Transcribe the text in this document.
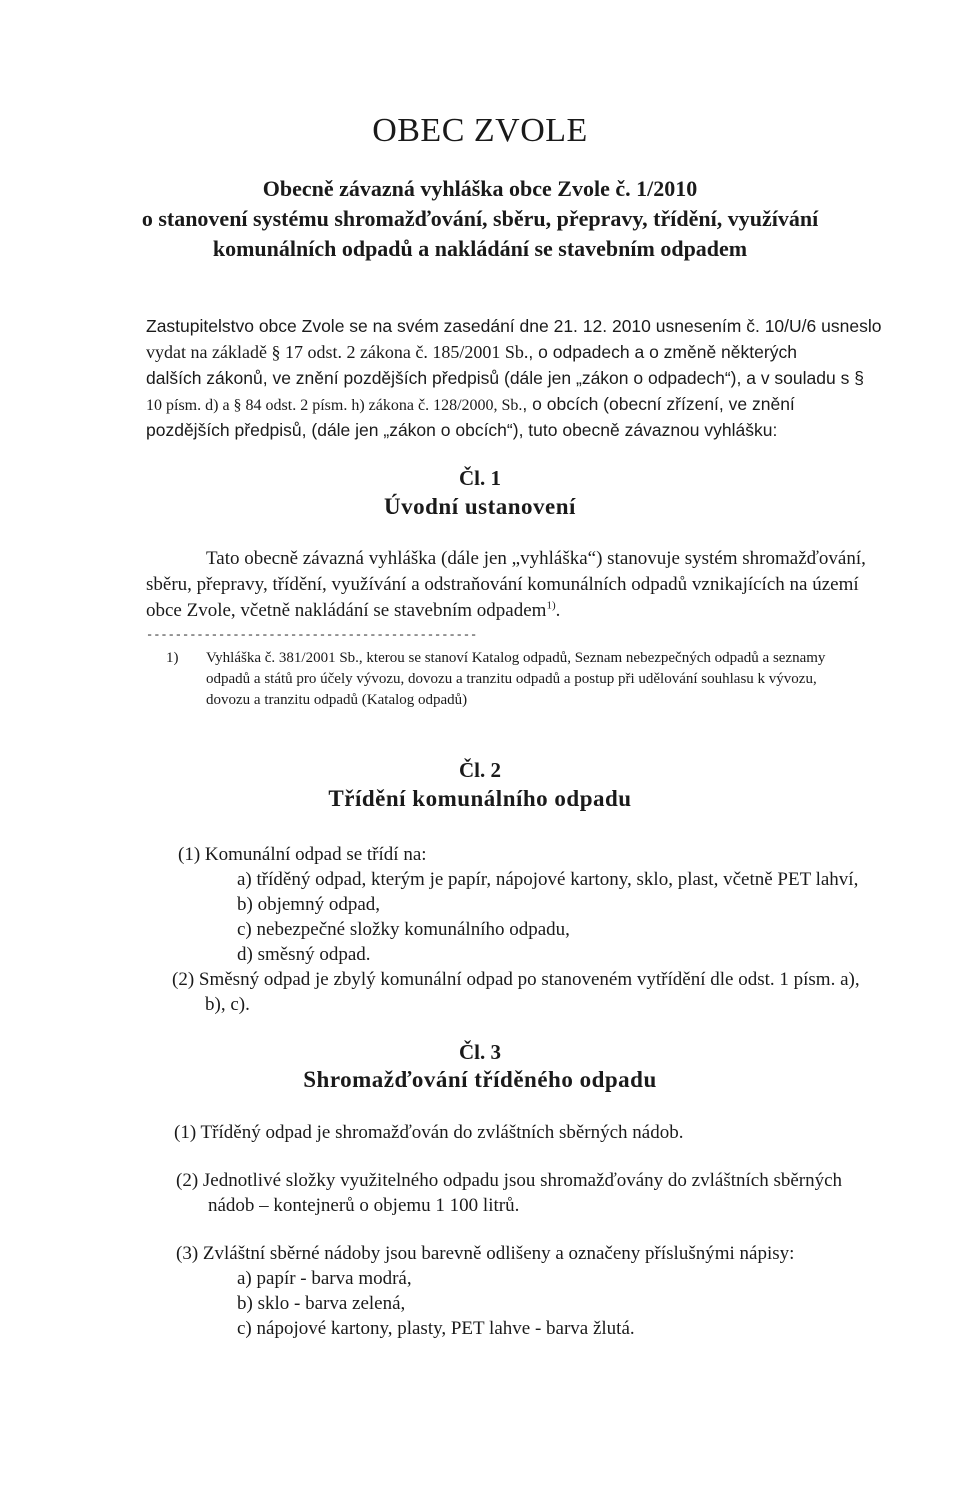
OBEC ZVOLE
Obecně závazná vyhláška obce Zvole č. 1/2010
o stanovení systému shromažďování, sběru, přepravy, třídění, využívání
komunálních odpadů a nakládání se stavebním odpadem
Zastupitelstvo obce Zvole se na svém zasedání dne 21. 12. 2010 usnesením č. 10/U/6 usneslo
vydat na základě § 17 odst. 2 zákona č. 185/2001 Sb., o odpadech a o změně některých
dalších zákonů, ve znění pozdějších předpisů (dále jen „zákon o odpadech“), a v souladu s §
10 písm. d) a § 84 odst. 2 písm. h) zákona č. 128/2000, Sb., o obcích (obecní zřízení, ve znění
pozdějších předpisů, (dále jen „zákon o obcích“), tuto obecně závaznou vyhlášku:
Čl. 1
Úvodní ustanovení
Tato obecně závazná vyhláška (dále jen „vyhláška“) stanovuje systém shromažďování,
sběru, přepravy, třídění, využívání a odstraňování komunálních odpadů vznikajících na území
obce Zvole, včetně nakládání se stavebním odpadem$^{1)}$.
----------------------------------------------
1) Vyhláška č. 381/2001 Sb., kterou se stanoví Katalog odpadů, Seznam nebezpečných odpadů a seznamy
odpadů a států pro účely vývozu, dovozu a tranzitu odpadů a postup při udělování souhlasu k vývozu,
dovozu a tranzitu odpadů (Katalog odpadů)
Čl. 2
Třídění komunálního odpadu
(1) Komunální odpad se třídí na:
a) tříděný odpad, kterým je papír, nápojové kartony, sklo, plast, včetně PET lahví,
b) objemný odpad,
c) nebezpečné složky komunálního odpadu,
d) směsný odpad.
(2) Směsný odpad je zbylý komunální odpad po stanoveném vytřídění dle odst. 1 písm. a),
b), c).
Čl. 3
Shromažďování tříděného odpadu
(1) Tříděný odpad je shromažďován do zvláštních sběrných nádob.
(2) Jednotlivé složky využitelného odpadu jsou shromažďovány do zvláštních sběrných
nádob – kontejnerů o objemu 1 100 litrů.
(3) Zvláštní sběrné nádoby jsou barevně odlišeny a označeny příslušnými nápisy:
a) papír - barva modrá,
b) sklo - barva zelená,
c) nápojové kartony, plasty, PET lahve - barva žlutá.
